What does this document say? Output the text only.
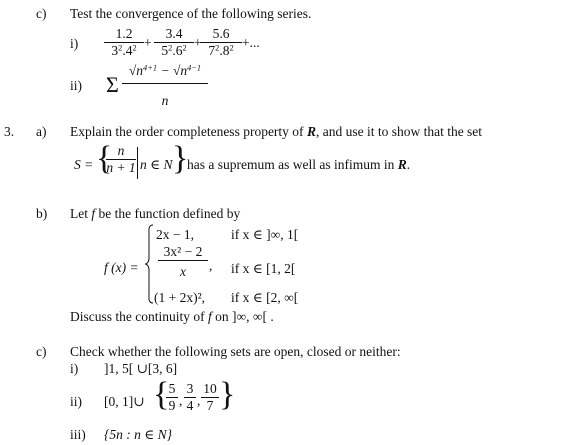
c) Test the convergence of the following series.
i)
1.2
$3^2.4^2$ +
3.4
$5^2.6^2$ +
5.6
$7^2.8^2$ +...
ii) Σ
$√n^{4+1} - √n^{4-1}$
n
3. a) Explain the order completeness property of R, and use it to show that the set
S = { n
n + 1 n ∈ N }
has a supremum as well as infimum in R.
b) Let f be the function defined by
f (x) =
2x − 1,	if x ∈ ]∞, 1[
3x² − 2
x , if x ∈ [1, 2[
(1 + 2x)², if x ∈ [2, ∞[
Discuss the continuity of f on ]∞, ∞[ .
c) Check whether the following sets are open, closed or neither:
i) ]1, 5[ ∪[3, 6]
ii) [0, 1]∪ { 5
9 ,
3
4 ,
10
7 }
iii) {5n : n ∈ N}
